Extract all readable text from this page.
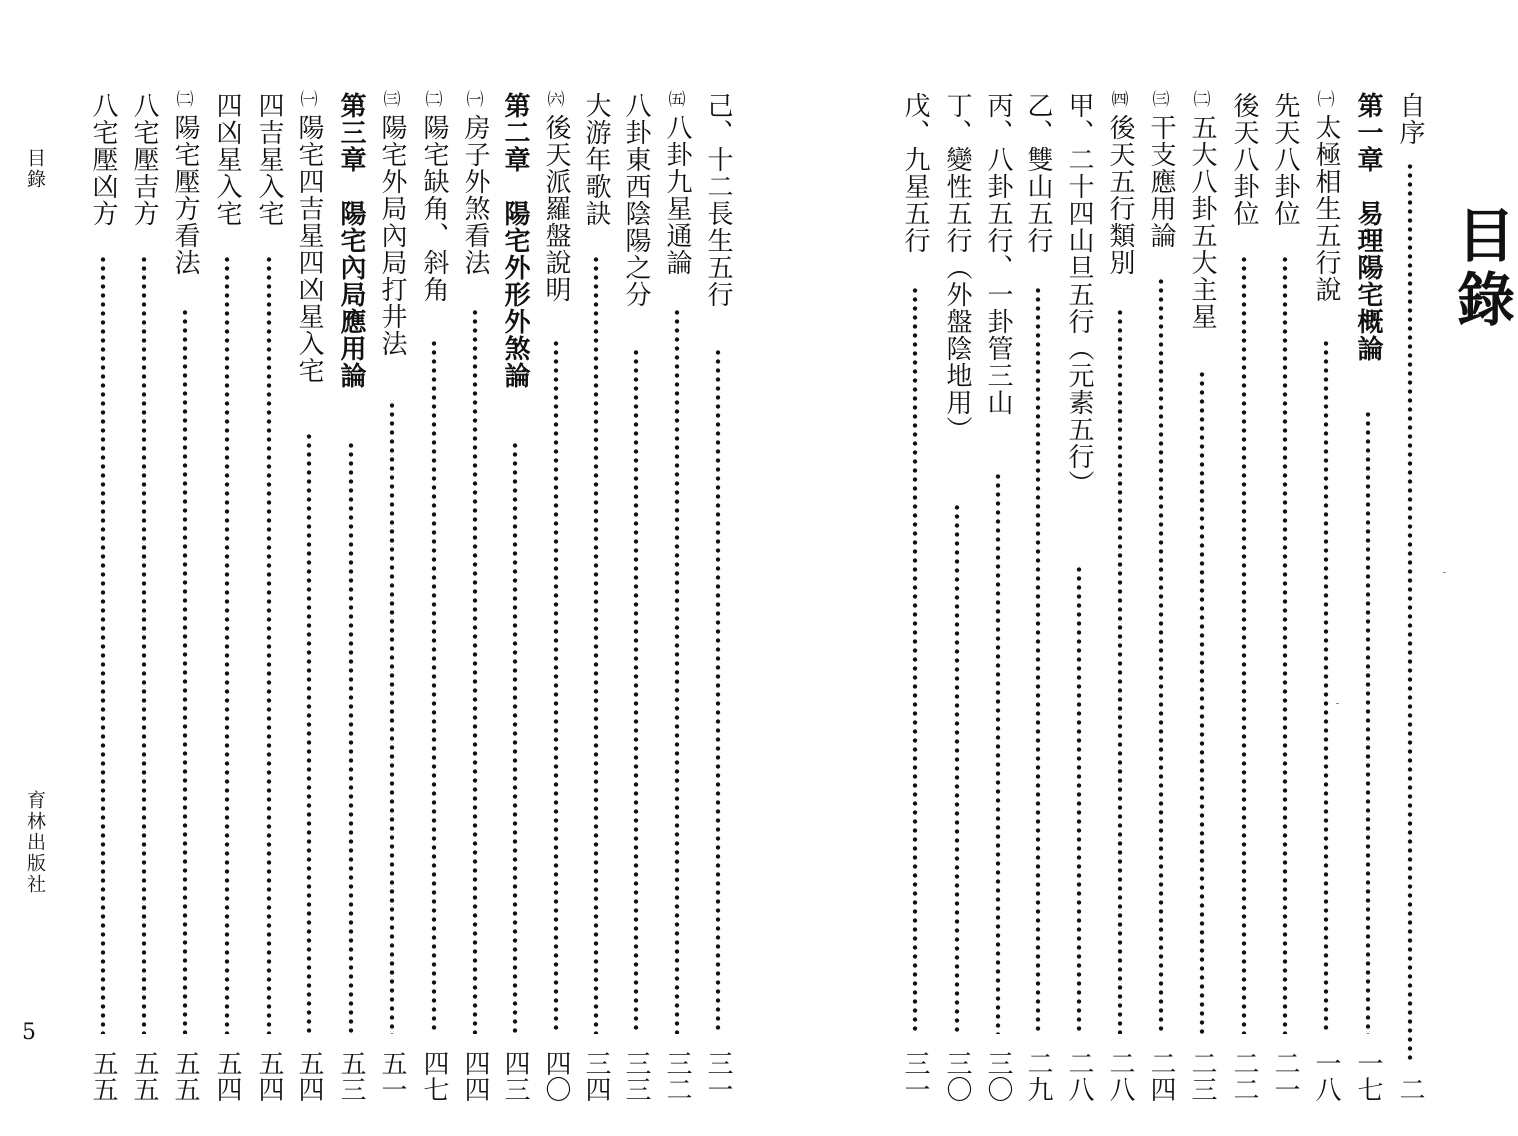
目錄
育林出版社
5
目錄
自序
二
第一章　易理陽宅概論
一七
㈠
太極相生五行說
一八
先天八卦位
二一
後天八卦位
二二
㈡
五大八卦五大主星
二三
㈢
干支應用論
二四
㈣
後天五行類別
二八
甲、二十四山旦五行（元素五行）
二八
乙、雙山五行
二九
丙、八卦五行、一卦管三山
三〇
丁、變性五行（外盤陰地用）
三〇
戊、九星五行
三一
己、十二長生五行
三一
㈤
八卦九星通論
三二
八卦東西陰陽之分
三三
大游年歌訣
三四
㈥
後天派羅盤說明
四〇
第二章　陽宅外形外煞論
四三
㈠
房子外煞看法
四四
㈡
陽宅缺角、斜角
四七
㈢
陽宅外局內局打井法
五一
第三章　陽宅內局應用論
五三
㈠
陽宅四吉星四凶星入宅
五四
四吉星入宅
五四
四凶星入宅
五四
㈡
陽宅壓方看法
五五
八宅壓吉方
五五
八宅壓凶方
五五
